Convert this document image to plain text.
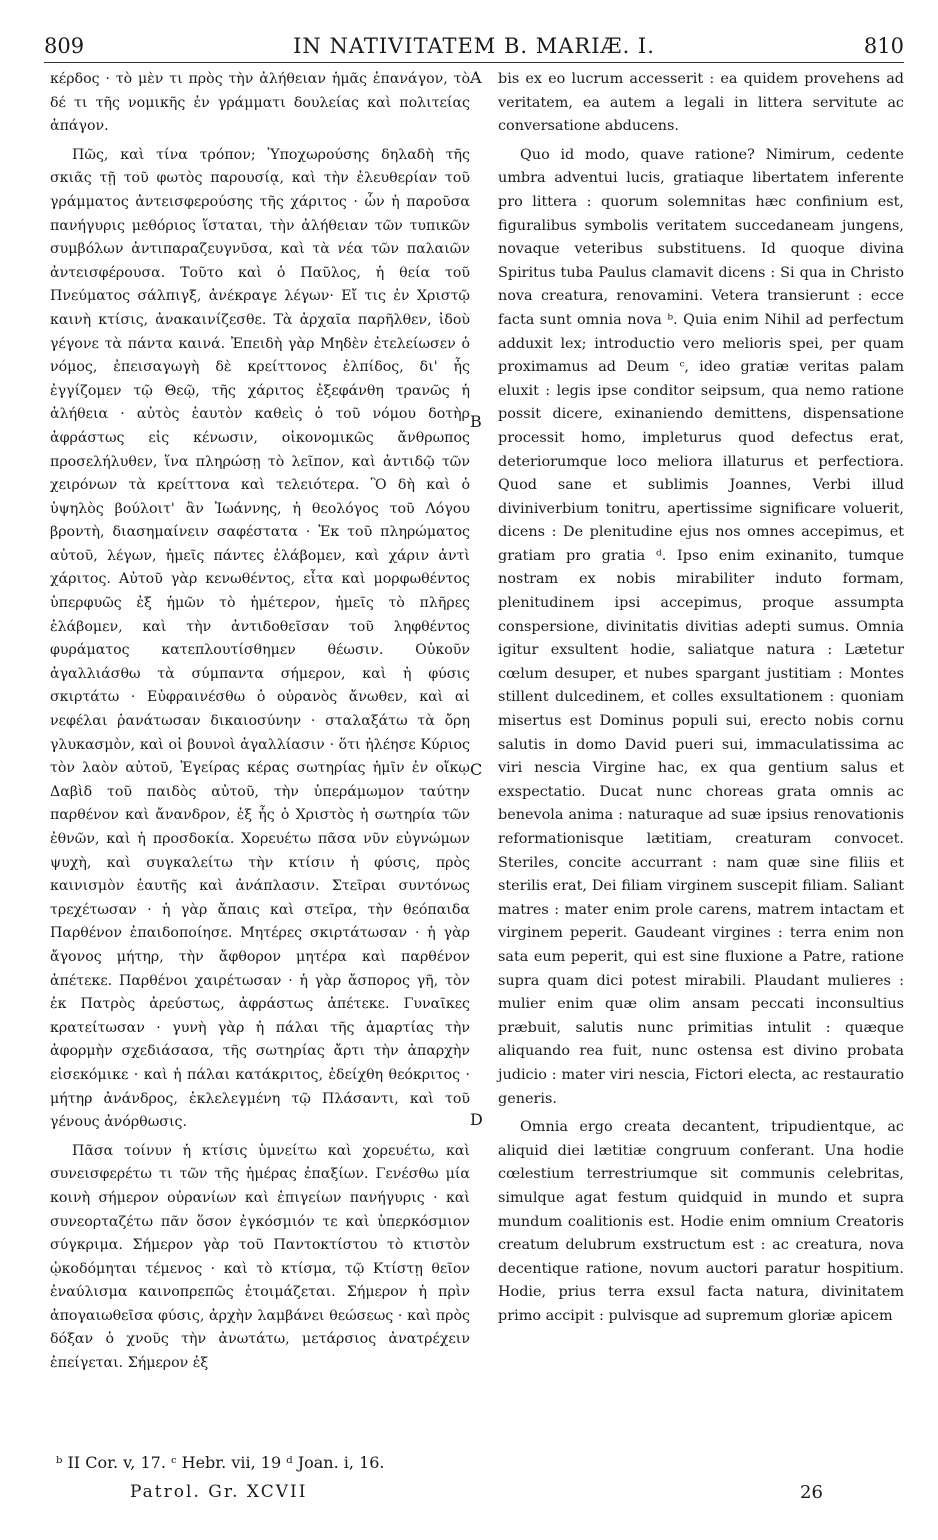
809	IN NATIVITATEM B. MARIÆ. I.	810

κέρδος · τὸ μὲν τι πρὸς τὴν ἀλήθειαν ἡμᾶς ἐπανάγον, τὸ δέ τι τῆς νομικῆς ἐν γράμματι δουλείας καὶ πολιτείας ἀπάγον.

Πῶς, καὶ τίνα τρόπον; Ὑποχωρούσης δηλαδὴ τῆς σκιᾶς τῇ τοῦ φωτὸς παρουσίᾳ, καὶ τὴν ἐλευθερίαν τοῦ γράμματος ἀντεισφερούσης τῆς χάριτος · ὧν ἡ παροῦσα πανήγυρις μεθόριος ἵσταται, τὴν ἀλήθειαν τῶν τυπικῶν συμβόλων ἀντιπαραζευγνῦσα, καὶ τὰ νέα τῶν παλαιῶν ἀντεισφέρουσα. Τοῦτο καὶ ὁ Παῦλος, ἡ θεία τοῦ Πνεύματος σάλπιγξ, ἀνέκραγε λέγων· Εἴ τις ἐν Χριστῷ καινὴ κτίσις, ἀνακαινίζεσθε. Τὰ ἀρχαῖα παρῆλθεν, ἰδοὺ γέγονε τὰ πάντα καινά. Ἐπειδὴ γὰρ Μηδὲν ἐτελείωσεν ὁ νόμος, ἐπεισαγωγὴ δὲ κρείττονος ἐλπίδος, δι' ἧς ἐγγίζομεν τῷ Θεῷ, τῆς χάριτος ἐξεφάνθη τρανῶς ἡ ἀλήθεια · αὐτὸς ἑαυτὸν καθεὶς ὁ τοῦ νόμου δοτὴρ ἀφράστως εἰς κένωσιν, οἰκονομικῶς ἄνθρωπος προσελήλυθεν, ἵνα πληρώσῃ τὸ λεῖπον, καὶ ἀντιδῷ τῶν χειρόνων τὰ κρείττονα καὶ τελειότερα. Ὃ δὴ καὶ ὁ ὑψηλὸς βούλοιτ' ἂν Ἰωάννης, ἡ θεολόγος τοῦ Λόγου βροντὴ, διασημαίνειν σαφέστατα · Ἐκ τοῦ πληρώματος αὐτοῦ, λέγων, ἡμεῖς πάντες ἐλάβομεν, καὶ χάριν ἀντὶ χάριτος. Αὐτοῦ γὰρ κενωθέντος, εἶτα καὶ μορφωθέντος ὑπερφυῶς ἐξ ἡμῶν τὸ ἡμέτερον, ἡμεῖς τὸ πλῆρες ἐλάβομεν, καὶ τὴν ἀντιδοθεῖσαν τοῦ ληφθέντος φυράματος κατεπλουτίσθημεν θέωσιν. Οὐκοῦν ἀγαλλιάσθω τὰ σύμπαντα σήμερον, καὶ ἡ φύσις σκιρτάτω · Εὐφραινέσθω ὁ οὐρανὸς ἄνωθεν, καὶ αἱ νεφέλαι ῥανάτωσαν δικαιοσύνην · σταλαξάτω τὰ ὄρη γλυκασμὸν, καὶ οἱ βουνοὶ ἀγαλλίασιν · ὅτι ἠλέησε Κύριος τὸν λαὸν αὐτοῦ, Ἐγείρας κέρας σωτηρίας ἡμῖν ἐν οἴκῳ Δαβὶδ τοῦ παιδὸς αὐτοῦ, τὴν ὑπεράμωμον ταύτην παρθένον καὶ ἄνανδρον, ἐξ ἧς ὁ Χριστὸς ἡ σωτηρία τῶν ἐθνῶν, καὶ ἡ προσδοκία. Χορευέτω πᾶσα νῦν εὐγνώμων ψυχὴ, καὶ συγκαλείτω τὴν κτίσιν ἡ φύσις, πρὸς καινισμὸν ἑαυτῆς καὶ ἀνάπλασιν. Στεῖραι συντόνως τρεχέτωσαν · ἡ γὰρ ἄπαις καὶ στεῖρα, τὴν θεόπαιδα Παρθένον ἐπαιδοποίησε. Μητέρες σκιρτάτωσαν · ἡ γὰρ ἄγονος μήτηρ, τὴν ἄφθορον μητέρα καὶ παρθένον ἀπέτεκε. Παρθένοι χαιρέτωσαν · ἡ γὰρ ἄσπορος γῆ, τὸν ἐκ Πατρὸς ἀρεύστως, ἀφράστως ἀπέτεκε. Γυναῖκες κρατείτωσαν · γυνὴ γὰρ ἡ πάλαι τῆς ἁμαρτίας τὴν ἀφορμὴν σχεδιάσασα, τῆς σωτηρίας ἄρτι τὴν ἀπαρχὴν εἰσεκόμικε · καὶ ἡ πάλαι κατάκριτος, ἐδείχθη θεόκριτος · μήτηρ ἀνάνδρος, ἐκλελεγμένη τῷ Πλάσαντι, καὶ τοῦ γένους ἀνόρθωσις.

Πᾶσα τοίνυν ἡ κτίσις ὑμνείτω καὶ χορευέτω, καὶ συνεισφερέτω τι τῶν τῆς ἡμέρας ἐπαξίων. Γενέσθω μία κοινὴ σήμερον οὐρανίων καὶ ἐπιγείων πανήγυρις · καὶ συνεορταζέτω πᾶν ὅσον ἐγκόσμιόν τε καὶ ὑπερκόσμιον σύγκριμα. Σήμερον γὰρ τοῦ Παντοκτίστου τὸ κτιστὸν ᾠκοδόμηται τέμενος · καὶ τὸ κτίσμα, τῷ Κτίστῃ θεῖον ἐναύλισμα καινοπρεπῶς ἑτοιμάζεται. Σήμερον ἡ πρὶν ἀπογαιωθεῖσα φύσις, ἀρχὴν λαμβάνει θεώσεως · καὶ πρὸς δόξαν ὁ χνοῦς τὴν ἀνωτάτω, μετάρσιος ἀνατρέχειν ἐπείγεται. Σήμερον ἐξ

bis ex eo lucrum accesserit : ea quidem provehens ad veritatem, ea autem a legali in littera servitute ac conversatione abducens.

Quo id modo, quave ratione? Nimirum, cedente umbra adventui lucis, gratiaque libertatem inferente pro littera : quorum solemnitas hæc confinium est, figuralibus symbolis veritatem succedaneam jungens, novaque veteribus substituens. Id quoque divina Spiritus tuba Paulus clamavit dicens : Si qua in Christo nova creatura, renovamini. Vetera transierunt : ecce facta sunt omnia nova ᵇ. Quia enim Nihil ad perfectum adduxit lex; introductio vero melioris spei, per quam proximamus ad Deum ᶜ, ideo gratiæ veritas palam eluxit : legis ipse conditor seipsum, qua nemo ratione possit dicere, exinaniendo demittens, dispensatione processit homo, impleturus quod defectus erat, deteriorumque loco meliora illaturus et perfectiora. Quod sane et sublimis Joannes, Verbi illud diviniverbium tonitru, apertissime significare voluerit, dicens : De plenitudine ejus nos omnes accepimus, et gratiam pro gratia ᵈ. Ipso enim exinanito, tumque nostram ex nobis mirabiliter induto formam, plenitudinem ipsi accepimus, proque assumpta conspersione, divinitatis divitias adepti sumus. Omnia igitur exsultent hodie, saliatque natura : Lætetur cœlum desuper, et nubes spargant justitiam : Montes stillent dulcedinem, et colles exsultationem : quoniam misertus est Dominus populi sui, erecto nobis cornu salutis in domo David pueri sui, immaculatissima ac viri nescia Virgine hac, ex qua gentium salus et exspectatio. Ducat nunc choreas grata omnis ac benevola anima : naturaque ad suæ ipsius renovationis reformationisque lætitiam, creaturam convocet. Steriles, concite accurrant : nam quæ sine filiis et sterilis erat, Dei filiam virginem suscepit filiam. Saliant matres : mater enim prole carens, matrem intactam et virginem peperit. Gaudeant virgines : terra enim non sata eum peperit, qui est sine fluxione a Patre, ratione supra quam dici potest mirabili. Plaudant mulieres : mulier enim quæ olim ansam peccati inconsultius præbuit, salutis nunc primitias intulit : quæque aliquando rea fuit, nunc ostensa est divino probata judicio : mater viri nescia, Fictori electa, ac restauratio generis.

Omnia ergo creata decantent, tripudientque, ac aliquid diei lætitiæ congruum conferant. Una hodie cœlestium terrestriumque sit communis celebritas, simulque agat festum quidquid in mundo et supra mundum coalitionis est. Hodie enim omnium Creatoris creatum delubrum exstructum est : ac creatura, nova decentique ratione, novum auctori paratur hospitium. Hodie, prius terra exsul facta natura, divinitatem primo accipit : pulvisque ad supremum gloriæ apicem

A
B
C
D
ᵇ II Cor. v, 17. ᶜ Hebr. vii, 19 ᵈ Joan. i, 16.
Patrol. Gr. XCVII	26
